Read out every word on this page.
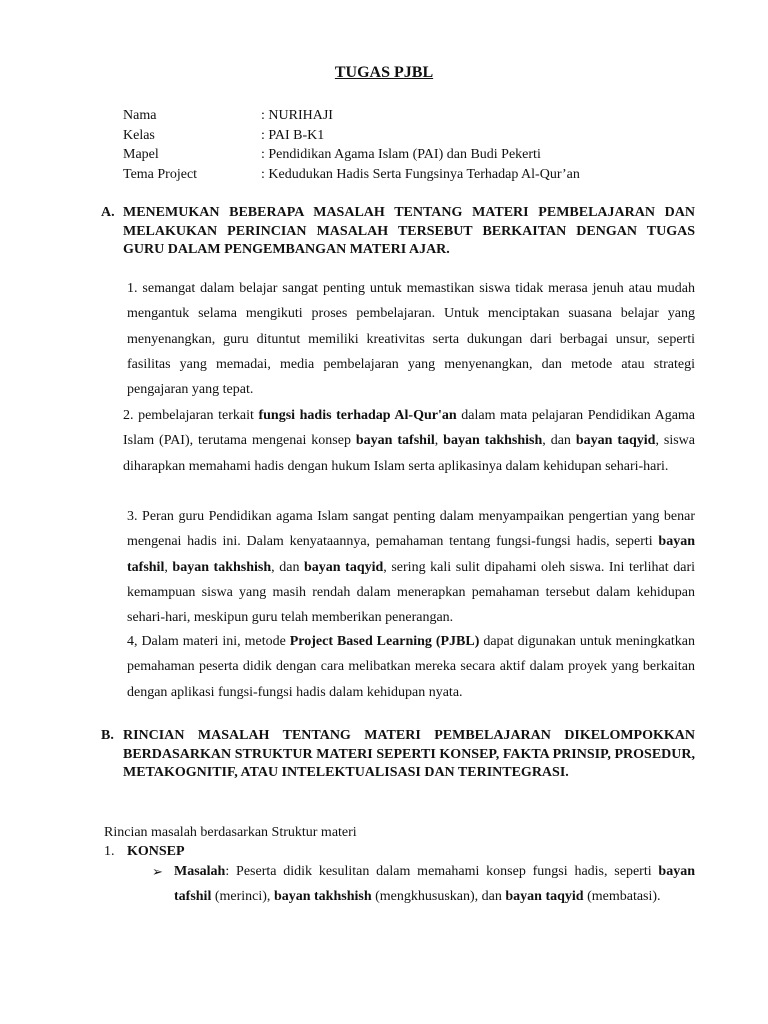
TUGAS PJBL
Nama	: NURIHAJI
Kelas	: PAI B-K1
Mapel	: Pendidikan Agama Islam (PAI) dan Budi Pekerti
Tema Project	: Kedudukan Hadis Serta Fungsinya Terhadap Al-Qur’an
A. MENEMUKAN BEBERAPA MASALAH TENTANG MATERI PEMBELAJARAN DAN MELAKUKAN PERINCIAN MASALAH TERSEBUT BERKAITAN DENGAN TUGAS GURU DALAM PENGEMBANGAN MATERI AJAR.
1. semangat dalam belajar sangat penting untuk memastikan siswa tidak merasa jenuh atau mudah mengantuk selama mengikuti proses pembelajaran. Untuk menciptakan suasana belajar yang menyenangkan, guru dituntut memiliki kreativitas serta dukungan dari berbagai unsur, seperti fasilitas yang memadai, media pembelajaran yang menyenangkan, dan metode atau strategi pengajaran yang tepat.
2. pembelajaran terkait fungsi hadis terhadap Al-Qur'an dalam mata pelajaran Pendidikan Agama Islam (PAI), terutama mengenai konsep bayan tafshil, bayan takhshish, dan bayan taqyid, siswa diharapkan memahami hadis dengan hukum Islam serta aplikasinya dalam kehidupan sehari-hari.
3. Peran guru Pendidikan agama Islam sangat penting dalam menyampaikan pengertian yang benar mengenai hadis ini. Dalam kenyataannya, pemahaman tentang fungsi-fungsi hadis, seperti bayan tafshil, bayan takhshish, dan bayan taqyid, sering kali sulit dipahami oleh siswa. Ini terlihat dari kemampuan siswa yang masih rendah dalam menerapkan pemahaman tersebut dalam kehidupan sehari-hari, meskipun guru telah memberikan penerangan.
4, Dalam materi ini, metode Project Based Learning (PJBL) dapat digunakan untuk meningkatkan pemahaman peserta didik dengan cara melibatkan mereka secara aktif dalam proyek yang berkaitan dengan aplikasi fungsi-fungsi hadis dalam kehidupan nyata.
B. RINCIAN MASALAH TENTANG MATERI PEMBELAJARAN DIKELOMPOKKAN BERDASARKAN STRUKTUR MATERI SEPERTI KONSEP, FAKTA PRINSIP, PROSEDUR, METAKOGNITIF, ATAU INTELEKTUALISASI DAN TERINTEGRASI.
Rincian masalah berdasarkan Struktur materi
1. KONSEP
➢ Masalah: Peserta didik kesulitan dalam memahami konsep fungsi hadis, seperti bayan tafshil (merinci), bayan takhshish (mengkhususkan), dan bayan taqyid (membatasi).
